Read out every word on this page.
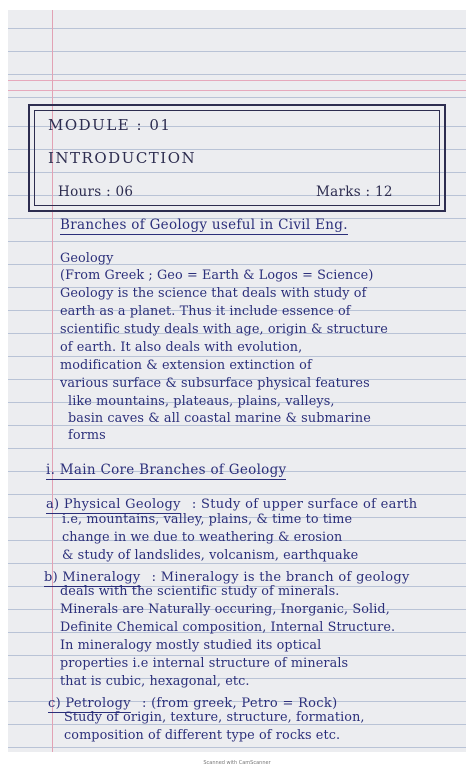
MODULE : 01
INTRODUCTION
Hours : 06	Marks : 12
Branches of Geology useful in Civil Eng.
Geology
(From Greek ; Geo = Earth & Logos = Science)
Geology is the science that deals with study of
earth as a planet. Thus it include essence of
scientific study deals with age, origin & structure
of earth. It also deals with evolution,
modification & extension extinction of
various surface & subsurface physical features
like mountains, plateaus, plains, valleys,
basin caves & all coastal marine & submarine
forms
i. Main Core Branches of Geology
a) Physical Geology : Study of upper surface of earth
i.e, mountains, valley, plains, & time to time
change in we due to weathering & erosion
& study of landslides, volcanism, earthquake
b) Mineralogy : Mineralogy is the branch of geology
deals with the scientific study of minerals.
Minerals are Naturally occuring, Inorganic, Solid,
Definite Chemical composition, Internal Structure.
In mineralogy mostly studied its optical
properties i.e internal structure of minerals
that is cubic, hexagonal, etc.
c) Petrology : (from greek, Petro = Rock)
Study of origin, texture, structure, formation,
composition of different type of rocks etc.
Scanned with CamScanner
